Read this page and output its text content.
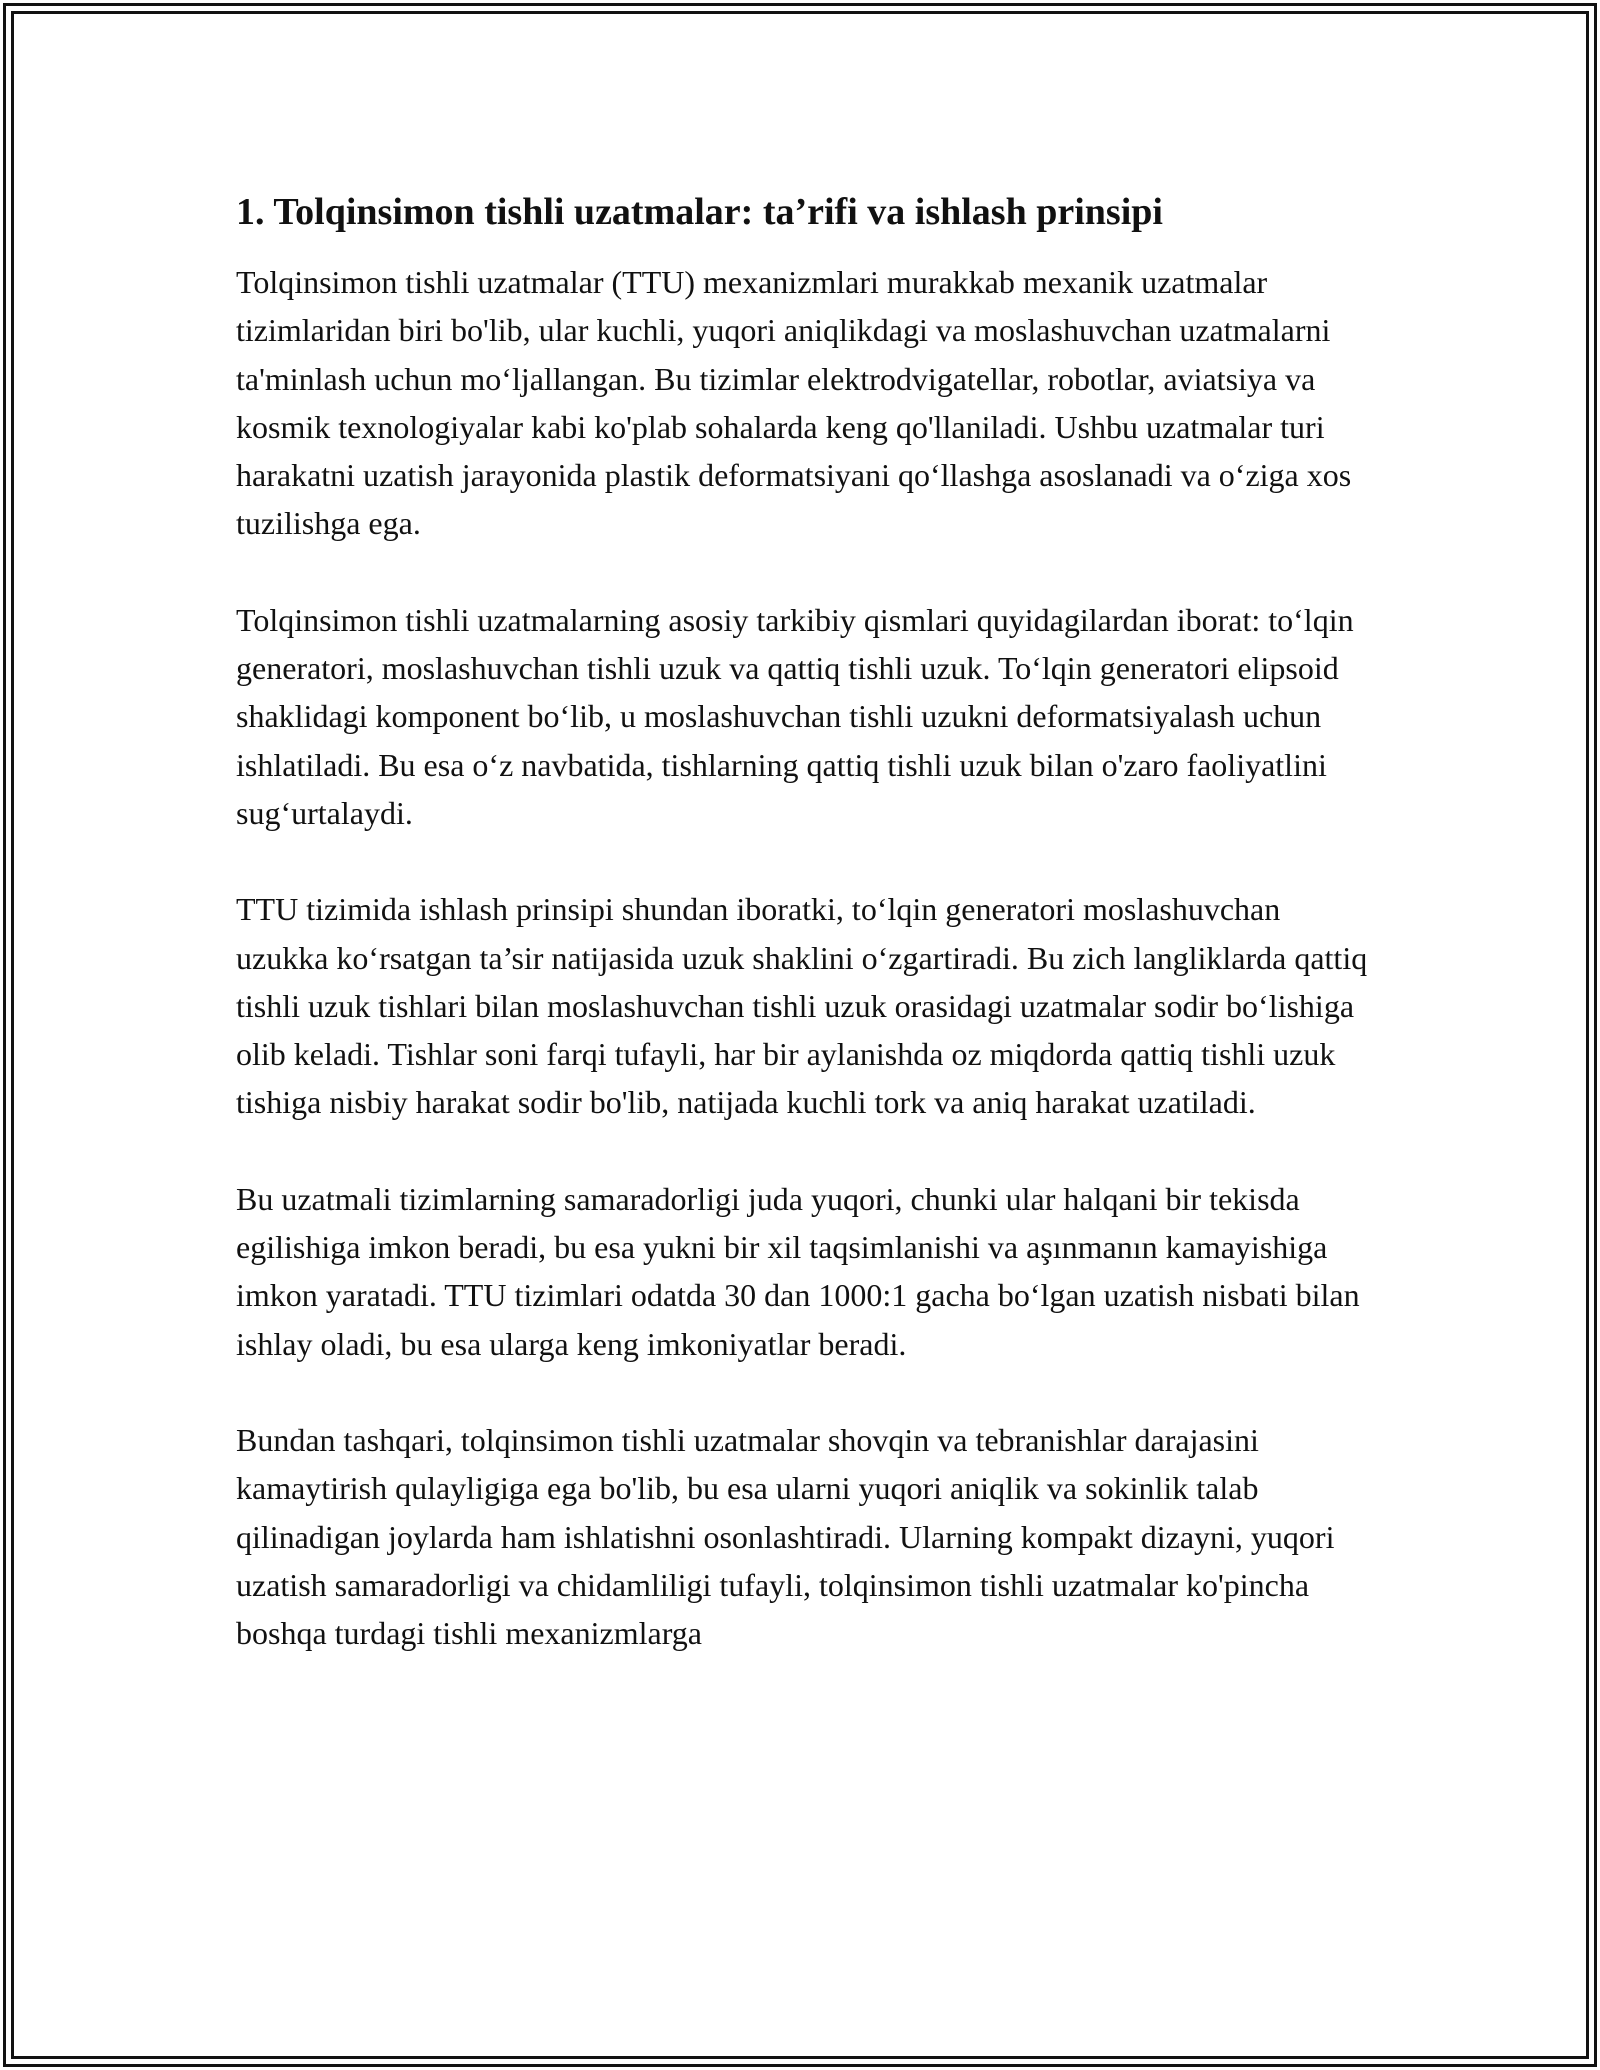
1. Tolqinsimon tishli uzatmalar: ta’rifi va ishlash prinsipi

Tolqinsimon tishli uzatmalar (TTU) mexanizmlari murakkab mexanik uzatmalar tizimlaridan biri bo'lib, ular kuchli, yuqori aniqlikdagi va moslashuvchan uzatmalarni ta'minlash uchun moʻljallangan. Bu tizimlar elektrodvigatellar, robotlar, aviatsiya va kosmik texnologiyalar kabi ko'plab sohalarda keng qo'llaniladi. Ushbu uzatmalar turi harakatni uzatish jarayonida plastik deformatsiyani qoʻllashga asoslanadi va oʻziga xos tuzilishga ega.

Tolqinsimon tishli uzatmalarning asosiy tarkibiy qismlari quyidagilardan iborat: toʻlqin generatori, moslashuvchan tishli uzuk va qattiq tishli uzuk. Toʻlqin generatori elipsoid shaklidagi komponent boʻlib, u moslashuvchan tishli uzukni deformatsiyalash uchun ishlatiladi. Bu esa oʻz navbatida, tishlarning qattiq tishli uzuk bilan o'zaro faoliyatlini sugʻurtalaydi.

TTU tizimida ishlash prinsipi shundan iboratki, toʻlqin generatori moslashuvchan uzukka koʻrsatgan ta’sir natijasida uzuk shaklini oʻzgartiradi. Bu zich langliklarda qattiq tishli uzuk tishlari bilan moslashuvchan tishli uzuk orasidagi uzatmalar sodir boʻlishiga olib keladi. Tishlar soni farqi tufayli, har bir aylanishda oz miqdorda qattiq tishli uzuk tishiga nisbiy harakat sodir bo'lib, natijada kuchli tork va aniq harakat uzatiladi.

Bu uzatmali tizimlarning samaradorligi juda yuqori, chunki ular halqani bir tekisda egilishiga imkon beradi, bu esa yukni bir xil taqsimlanishi va aşınmanın kamayishiga imkon yaratadi. TTU tizimlari odatda 30 dan 1000:1 gacha boʻlgan uzatish nisbati bilan ishlay oladi, bu esa ularga keng imkoniyatlar beradi.

Bundan tashqari, tolqinsimon tishli uzatmalar shovqin va tebranishlar darajasini kamaytirish qulayligiga ega bo'lib, bu esa ularni yuqori aniqlik va sokinlik talab qilinadigan joylarda ham ishlatishni osonlashtiradi. Ularning kompakt dizayni, yuqori uzatish samaradorligi va chidamliligi tufayli, tolqinsimon tishli uzatmalar ko'pincha boshqa turdagi tishli mexanizmlarga
